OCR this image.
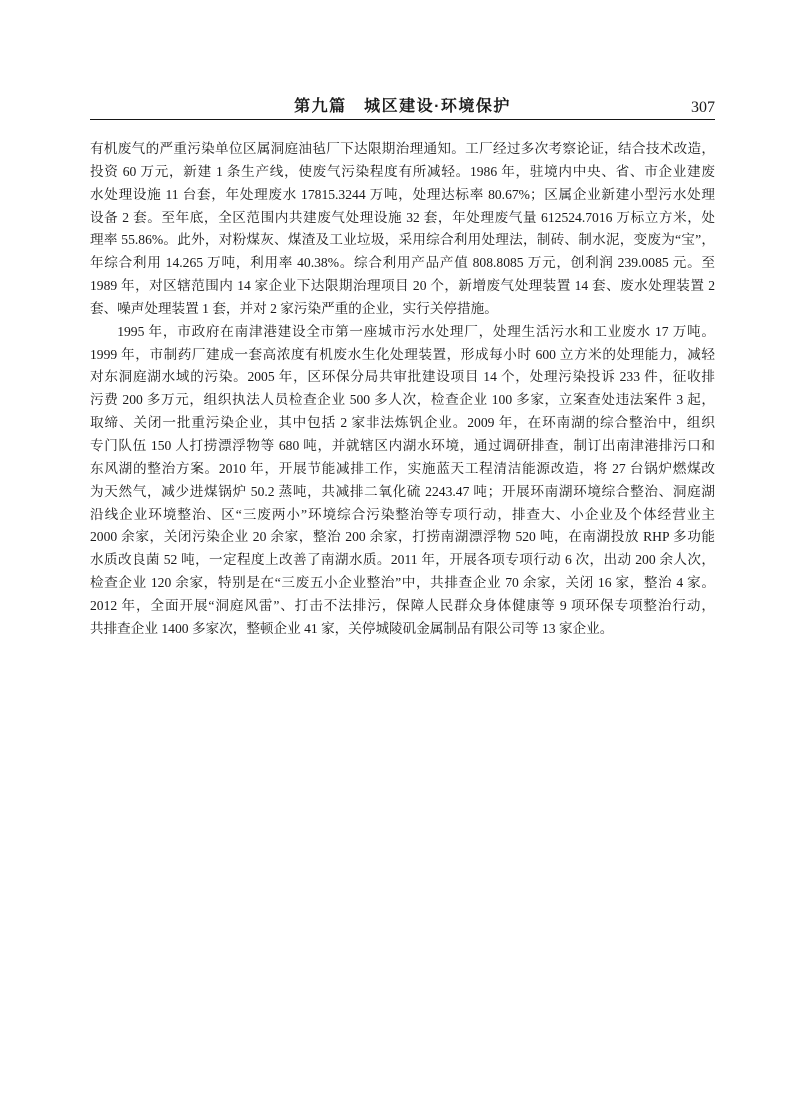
第九篇　城区建设·环境保护	307
有机废气的严重污染单位区属洞庭油毡厂下达限期治理通知。工厂经过多次考察论证，结合技术改造，
投资 60 万元，新建 1 条生产线，使废气污染程度有所减轻。1986 年，驻境内中央、省、市企业建废
水处理设施 11 台套，年处理废水 17815.3244 万吨，处理达标率 80.67%；区属企业新建小型污水处理
设备 2 套。至年底，全区范围内共建废气处理设施 32 套，年处理废气量 612524.7016 万标立方米，处
理率 55.86%。此外，对粉煤灰、煤渣及工业垃圾，采用综合利用处理法，制砖、制水泥，变废为“宝”，
年综合利用 14.265 万吨，利用率 40.38%。综合利用产品产值 808.8085 万元，创利润 239.0085 元。至
1989 年，对区辖范围内 14 家企业下达限期治理项目 20 个，新增废气处理装置 14 套、废水处理装置 2
套、噪声处理装置 1 套，并对 2 家污染严重的企业，实行关停措施。
1995 年，市政府在南津港建设全市第一座城市污水处理厂，处理生活污水和工业废水 17 万吨。
1999 年，市制药厂建成一套高浓度有机废水生化处理装置，形成每小时 600 立方米的处理能力，减轻
对东洞庭湖水域的污染。2005 年，区环保分局共审批建设项目 14 个，处理污染投诉 233 件，征收排
污费 200 多万元，组织执法人员检查企业 500 多人次，检查企业 100 多家，立案查处违法案件 3 起，
取缔、关闭一批重污染企业，其中包括 2 家非法炼钒企业。2009 年，在环南湖的综合整治中，组织
专门队伍 150 人打捞漂浮物等 680 吨，并就辖区内湖水环境，通过调研排查，制订出南津港排污口和
东风湖的整治方案。2010 年，开展节能减排工作，实施蓝天工程清洁能源改造，将 27 台锅炉燃煤改
为天然气，减少进煤锅炉 50.2 蒸吨，共减排二氧化硫 2243.47 吨；开展环南湖环境综合整治、洞庭湖
沿线企业环境整治、区“三废两小”环境综合污染整治等专项行动，排查大、小企业及个体经营业主
2000 余家，关闭污染企业 20 余家，整治 200 余家，打捞南湖漂浮物 520 吨，在南湖投放 RHP 多功能
水质改良菌 52 吨，一定程度上改善了南湖水质。2011 年，开展各项专项行动 6 次，出动 200 余人次，
检查企业 120 余家，特别是在“三废五小企业整治”中，共排查企业 70 余家，关闭 16 家，整治 4 家。
2012 年，全面开展“洞庭风雷”、打击不法排污，保障人民群众身体健康等 9 项环保专项整治行动，
共排查企业 1400 多家次，整顿企业 41 家，关停城陵矶金属制品有限公司等 13 家企业。
